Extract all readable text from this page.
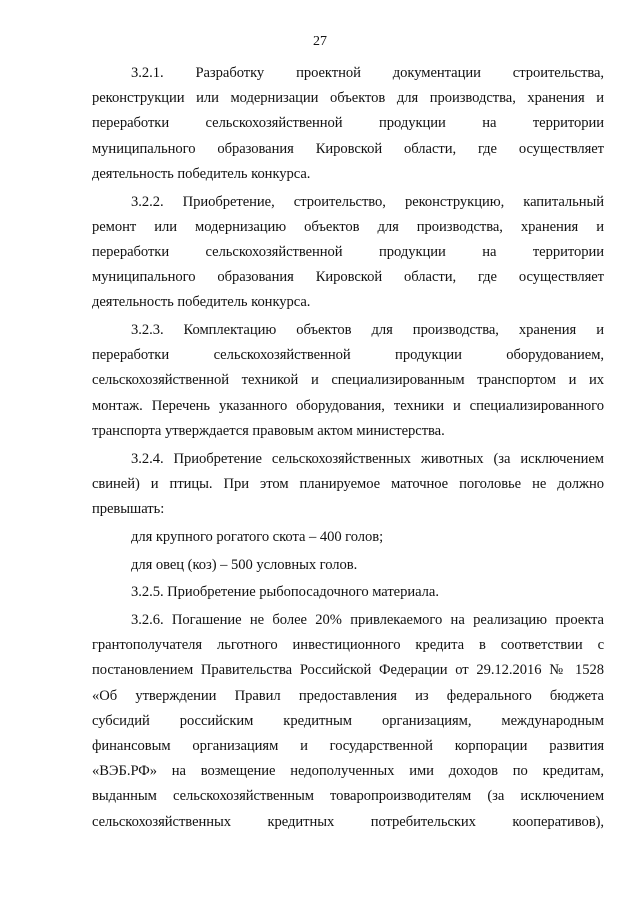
27
3.2.1. Разработку проектной документации строительства,
реконструкции или модернизации объектов для производства, хранения и
переработки сельскохозяйственной продукции на территории
муниципального образования Кировской области, где осуществляет
деятельность победитель конкурса.
3.2.2. Приобретение, строительство, реконструкцию, капитальный
ремонт или модернизацию объектов для производства, хранения и
переработки сельскохозяйственной продукции на территории
муниципального образования Кировской области, где осуществляет
деятельность победитель конкурса.
3.2.3. Комплектацию объектов для производства, хранения и
переработки сельскохозяйственной продукции оборудованием,
сельскохозяйственной техникой и специализированным транспортом и их
монтаж. Перечень указанного оборудования, техники и специализированного
транспорта утверждается правовым актом министерства.
3.2.4. Приобретение сельскохозяйственных животных (за исключением
свиней) и птицы. При этом планируемое маточное поголовье не должно
превышать:
для крупного рогатого скота – 400 голов;
для овец (коз) – 500 условных голов.
3.2.5. Приобретение рыбопосадочного материала.
3.2.6. Погашение не более 20% привлекаемого на реализацию проекта
грантополучателя льготного инвестиционного кредита в соответствии с
постановлением Правительства Российской Федерации от 29.12.2016 № 1528
«Об утверждении Правил предоставления из федерального бюджета
субсидий российским кредитным организациям, международным
финансовым организациям и государственной корпорации развития
«ВЭБ.РФ» на возмещение недополученных ими доходов по кредитам,
выданным сельскохозяйственным товаропроизводителям (за исключением
сельскохозяйственных кредитных потребительских кооперативов),
